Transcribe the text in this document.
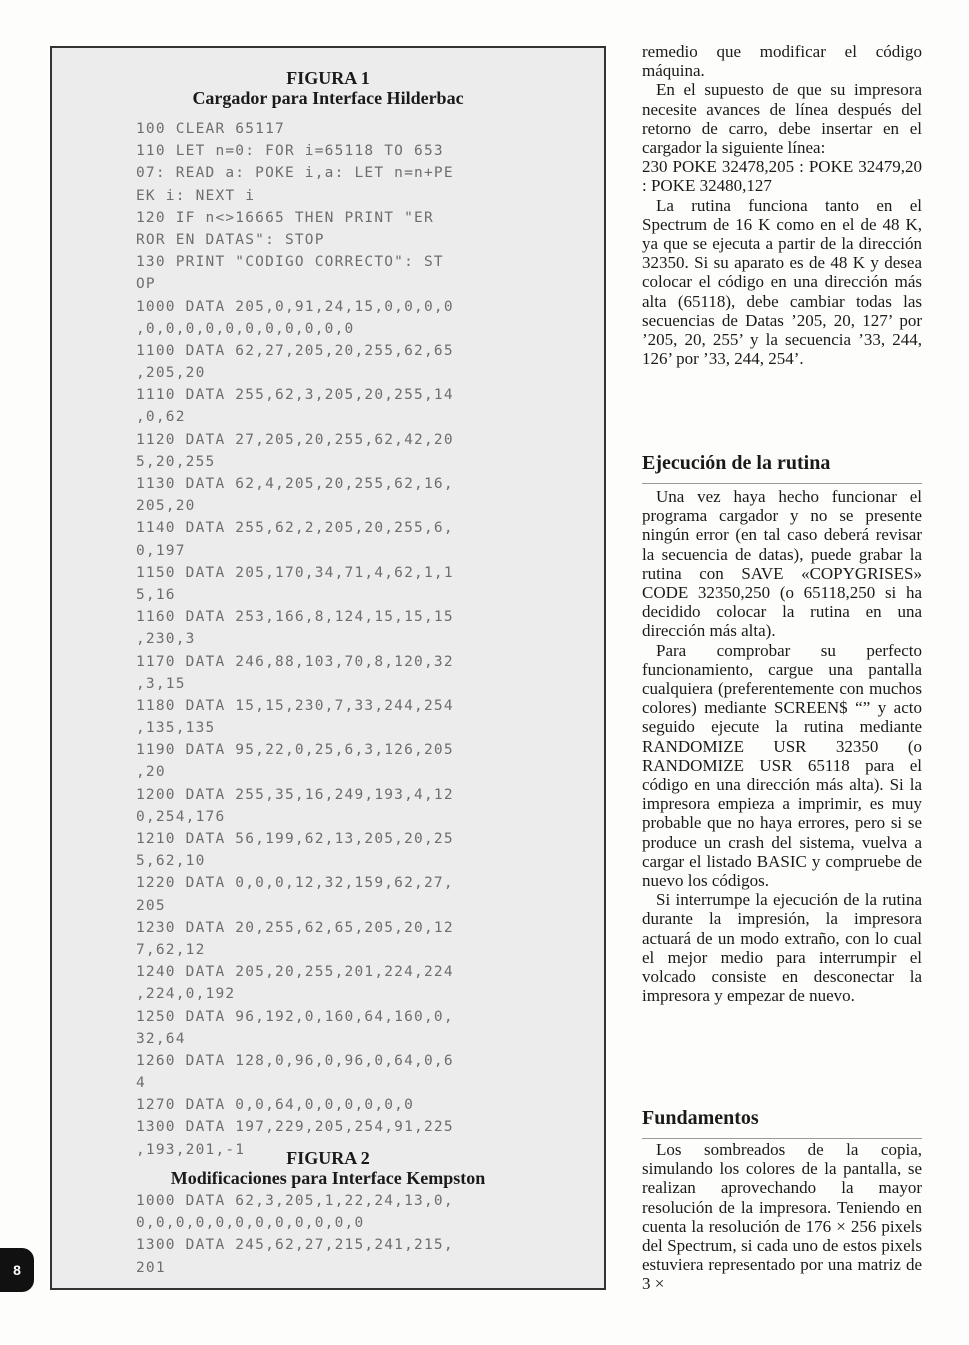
FIGURA 1

Cargador para Interface Hilderbac

100 CLEAR 65117
110 LET n=0: FOR i=65118 TO 653
07: READ a: POKE i,a: LET n=n+PE
EK i: NEXT i
120 IF n<>16665 THEN PRINT "ER
ROR EN DATAS": STOP
130 PRINT "CODIGO CORRECTO": ST
OP
1000 DATA 205,0,91,24,15,0,0,0,0
,0,0,0,0,0,0,0,0,0,0,0
1100 DATA 62,27,205,20,255,62,65
,205,20
1110 DATA 255,62,3,205,20,255,14
,0,62
1120 DATA 27,205,20,255,62,42,20
5,20,255
1130 DATA 62,4,205,20,255,62,16,
205,20
1140 DATA 255,62,2,205,20,255,6,
0,197
1150 DATA 205,170,34,71,4,62,1,1
5,16
1160 DATA 253,166,8,124,15,15,15
,230,3
1170 DATA 246,88,103,70,8,120,32
,3,15
1180 DATA 15,15,230,7,33,244,254
,135,135
1190 DATA 95,22,0,25,6,3,126,205
,20
1200 DATA 255,35,16,249,193,4,12
0,254,176
1210 DATA 56,199,62,13,205,20,25
5,62,10
1220 DATA 0,0,0,12,32,159,62,27,
205
1230 DATA 20,255,62,65,205,20,12
7,62,12
1240 DATA 205,20,255,201,224,224
,224,0,192
1250 DATA 96,192,0,160,64,160,0,
32,64
1260 DATA 128,0,96,0,96,0,64,0,6
4
1270 DATA 0,0,64,0,0,0,0,0,0
1300 DATA 197,229,205,254,91,225
,193,201,-1	FIGURA 2

Modificaciones para Interface Kempston

1000 DATA 62,3,205,1,22,24,13,0,
0,0,0,0,0,0,0,0,0,0,0,0
1300 DATA 245,62,27,215,241,215,
201

remedio que modificar el código máquina.

En el supuesto de que su impresora necesite avances de línea después del retorno de carro, debe insertar en el cargador la siguiente línea:

230 POKE 32478,205 : POKE 32479,20 : POKE 32480,127

La rutina funciona tanto en el Spectrum de 16 K como en el de 48 K, ya que se ejecuta a partir de la dirección 32350. Si su aparato es de 48 K y desea colocar el código en una dirección más alta (65118), debe cambiar todas las secuencias de Datas ’205, 20, 127’ por ’205, 20, 255’ y la secuencia ’33, 244, 126’ por ’33, 244, 254’.

Ejecución de la rutina

Una vez haya hecho funcionar el programa cargador y no se presente ningún error (en tal caso deberá revisar la secuencia de datas), puede grabar la rutina con SAVE «COPYGRISES» CODE 32350,250 (o 65118,250 si ha decidido colocar la rutina en una dirección más alta).

Para comprobar su perfecto funcionamiento, cargue una pantalla cualquiera (preferentemente con muchos colores) mediante SCREEN$ “” y acto seguido ejecute la rutina mediante RANDOMIZE USR 32350 (o RANDOMIZE USR 65118 para el código en una dirección más alta). Si la impresora empieza a imprimir, es muy probable que no haya errores, pero si se produce un crash del sistema, vuelva a cargar el listado BASIC y compruebe de nuevo los códigos.

Si interrumpe la ejecución de la rutina durante la impresión, la impresora actuará de un modo extraño, con lo cual el mejor medio para interrumpir el volcado consiste en desconectar la impresora y empezar de nuevo.

Fundamentos

Los sombreados de la copia, simulando los colores de la pantalla, se realizan aprovechando la mayor resolución de la impresora. Teniendo en cuenta la resolución de 176 × 256 pixels del Spectrum, si cada uno de estos pixels estuviera representado por una matriz de 3 ×

8
